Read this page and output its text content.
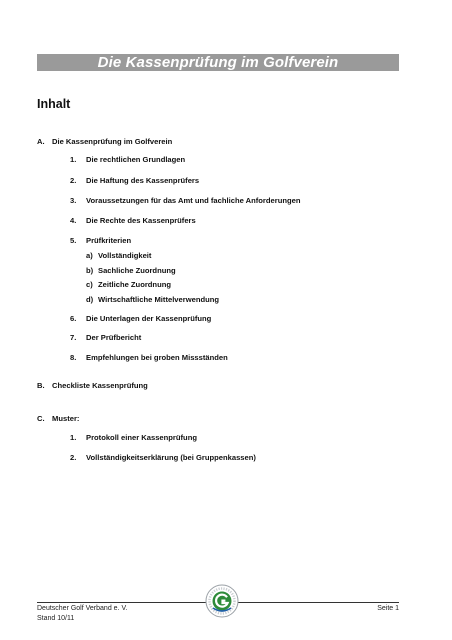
Die Kassenprüfung im Golfverein
Inhalt
A. Die Kassenprüfung im Golfverein
1. Die rechtlichen Grundlagen
2. Die Haftung des Kassenprüfers
3. Voraussetzungen für das Amt und fachliche Anforderungen
4. Die Rechte des Kassenprüfers
5. Prüfkriterien
a) Vollständigkeit
b) Sachliche Zuordnung
c) Zeitliche Zuordnung
d) Wirtschaftliche Mittelverwendung
6. Die Unterlagen der Kassenprüfung
7. Der Prüfbericht
8. Empfehlungen bei groben Missständen
B. Checkliste Kassenprüfung
C. Muster:
1. Protokoll einer Kassenprüfung
2. Vollständigkeitserklärung (bei Gruppenkassen)
Deutscher Golf Verband e. V.
Stand 10/11
Seite 1
